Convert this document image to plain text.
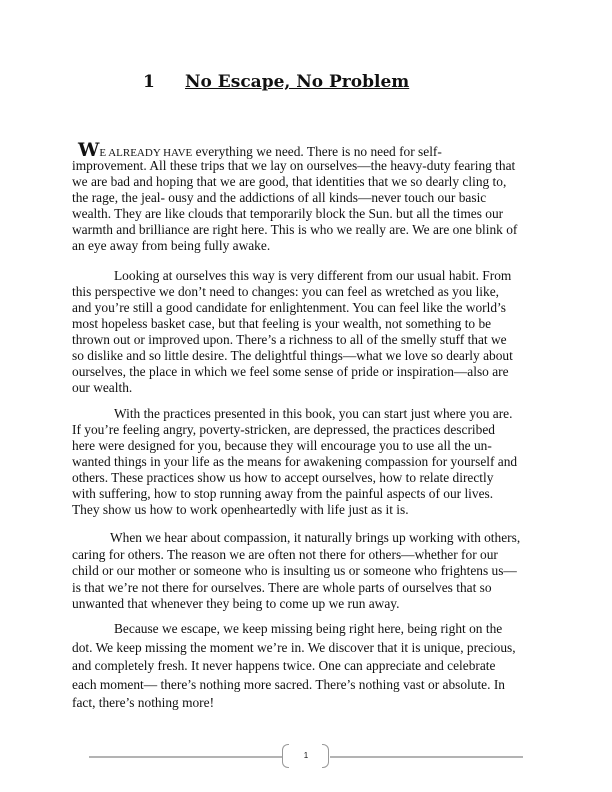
1 No Escape, No Problem
WE ALREADY HAVE everything we need. There is no need for self-
improvement. All these trips that we lay on ourselves—the heavy-duty fearing that
we are bad and hoping that we are good, that identities that we so dearly cling to,
the rage, the jeal- ousy and the addictions of all kinds—never touch our basic
wealth. They are like clouds that temporarily block the Sun. but all the times our
warmth and brilliance are right here. This is who we really are. We are one blink of
an eye away from being fully awake.
Looking at ourselves this way is very different from our usual habit. From
this perspective we don’t need to changes: you can feel as wretched as you like,
and you’re still a good candidate for enlightenment. You can feel like the world’s
most hopeless basket case, but that feeling is your wealth, not something to be
thrown out or improved upon. There’s a richness to all of the smelly stuff that we
so dislike and so little desire. The delightful things—what we love so dearly about
ourselves, the place in which we feel some sense of pride or inspiration—also are
our wealth.
With the practices presented in this book, you can start just where you are.
If you’re feeling angry, poverty-stricken, are depressed, the practices described
here were designed for you, because they will encourage you to use all the un-
wanted things in your life as the means for awakening compassion for yourself and
others. These practices show us how to accept ourselves, how to relate directly
with suffering, how to stop running away from the painful aspects of our lives.
They show us how to work openheartedly with life just as it is.
When we hear about compassion, it naturally brings up working with others,
caring for others. The reason we are often not there for others—whether for our
child or our mother or someone who is insulting us or someone who frightens us—
is that we’re not there for ourselves. There are whole parts of ourselves that so
unwanted that whenever they being to come up we run away.
Because we escape, we keep missing being right here, being right on the
dot. We keep missing the moment we’re in. We discover that it is unique, precious,
and completely fresh. It never happens twice. One can appreciate and celebrate
each moment— there’s nothing more sacred. There’s nothing vast or absolute. In
fact, there’s nothing more!
1
